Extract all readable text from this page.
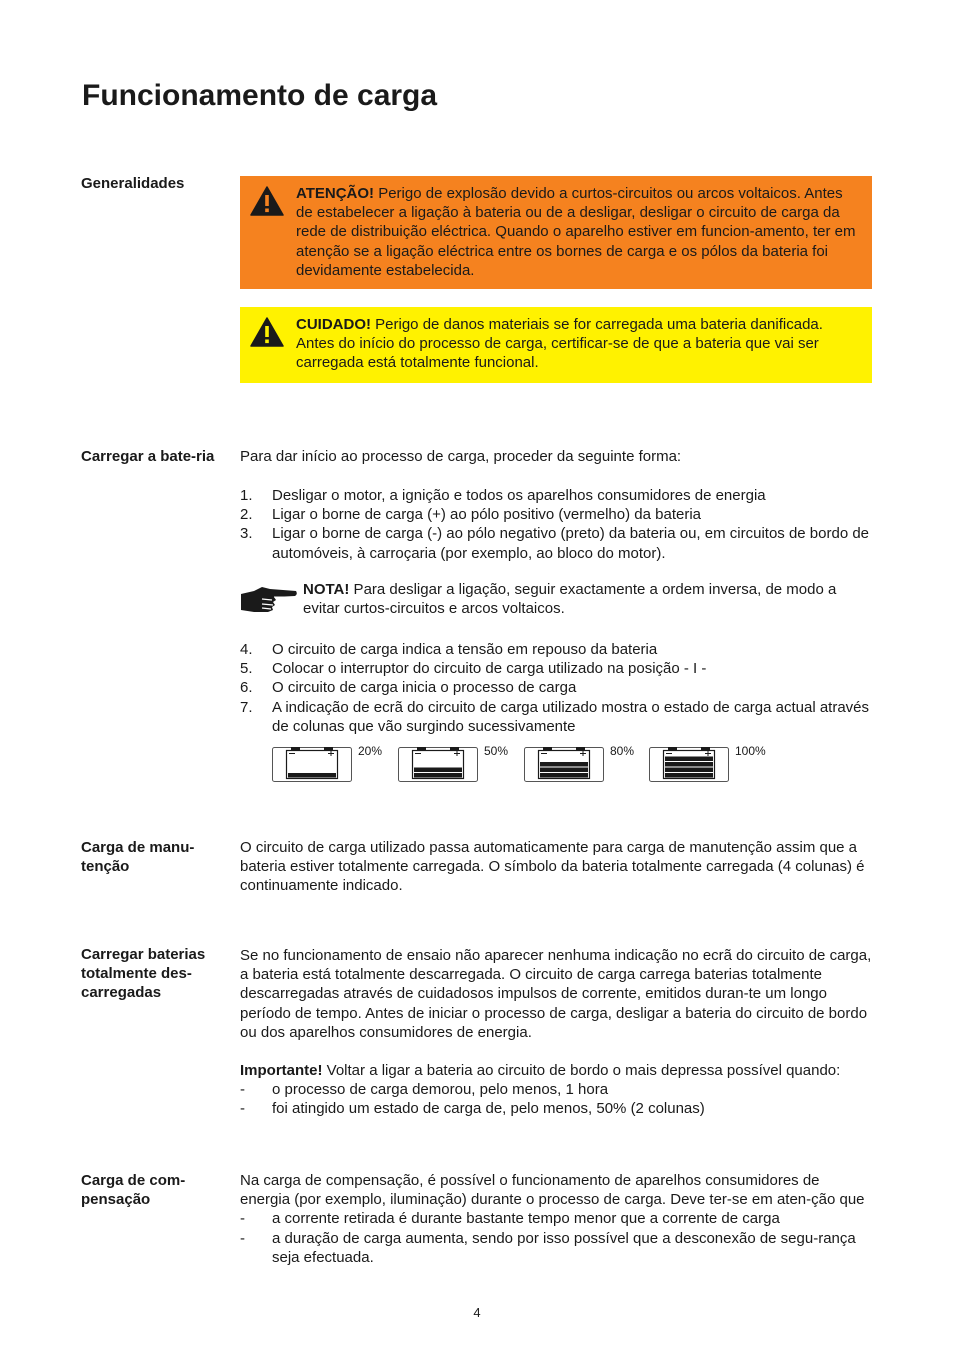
Funcionamento de carga
Generalidades

ATENÇÃO! Perigo de explosão devido a curtos-circuitos ou arcos voltaicos. Antes de estabelecer a ligação à bateria ou de a desligar, desligar o circuito de carga da rede de distribuição eléctrica. Quando o aparelho estiver em funcion-amento, ter em atenção se a ligação eléctrica entre os bornes de carga e os pólos da bateria foi devidamente estabelecida.

CUIDADO! Perigo de danos materiais se for carregada uma bateria danificada. Antes do início do processo de carga, certificar-se de que a bateria que vai ser carregada está totalmente funcional.

Carregar a bate-ria	Para dar início ao processo de carga, proceder da seguinte forma:

1. Desligar o motor, a ignição e todos os aparelhos consumidores de energia
2. Ligar o borne de carga (+) ao pólo positivo (vermelho) da bateria
3. Ligar o borne de carga (-) ao pólo negativo (preto) da bateria ou, em circuitos de bordo de automóveis, à carroçaria (por exemplo, ao bloco do motor).

NOTA! Para desligar a ligação, seguir exactamente a ordem inversa, de modo a evitar curtos-circuitos e arcos voltaicos.

4. O circuito de carga indica a tensão em repouso da bateria
5. Colocar o interruptor do circuito de carga utilizado na posição - I -
6. O circuito de carga inicia o processo de carga
7. A indicação de ecrã do circuito de carga utilizado mostra o estado de carga actual através de colunas que vão surgindo sucessivamente
20%	50%	80%	100%
Carga de manu-tenção

O circuito de carga utilizado passa automaticamente para carga de manutenção assim que a bateria estiver totalmente carregada. O símbolo da bateria totalmente carregada (4 colunas) é continuamente indicado.

Carregar baterias totalmente des-carregadas

Se no funcionamento de ensaio não aparecer nenhuma indicação no ecrã do circuito de carga, a bateria está totalmente descarregada. O circuito de carga carrega baterias totalmente descarregadas através de cuidadosos impulsos de corrente, emitidos duran-te um longo período de tempo. Antes de iniciar o processo de carga, desligar a bateria do circuito de bordo ou dos aparelhos consumidores de energia.

Importante! Voltar a ligar a bateria ao circuito de bordo o mais depressa possível quando:

- o processo de carga demorou, pelo menos, 1 hora
- foi atingido um estado de carga de, pelo menos, 50% (2 colunas)
Carga de com-pensação

Na carga de compensação, é possível o funcionamento de aparelhos consumidores de energia (por exemplo, iluminação) durante o processo de carga. Deve ter-se em aten-ção que

- a corrente retirada é durante bastante tempo menor que a corrente de carga
- a duração de carga aumenta, sendo por isso possível que a desconexão de segu-rança seja efectuada.
4
